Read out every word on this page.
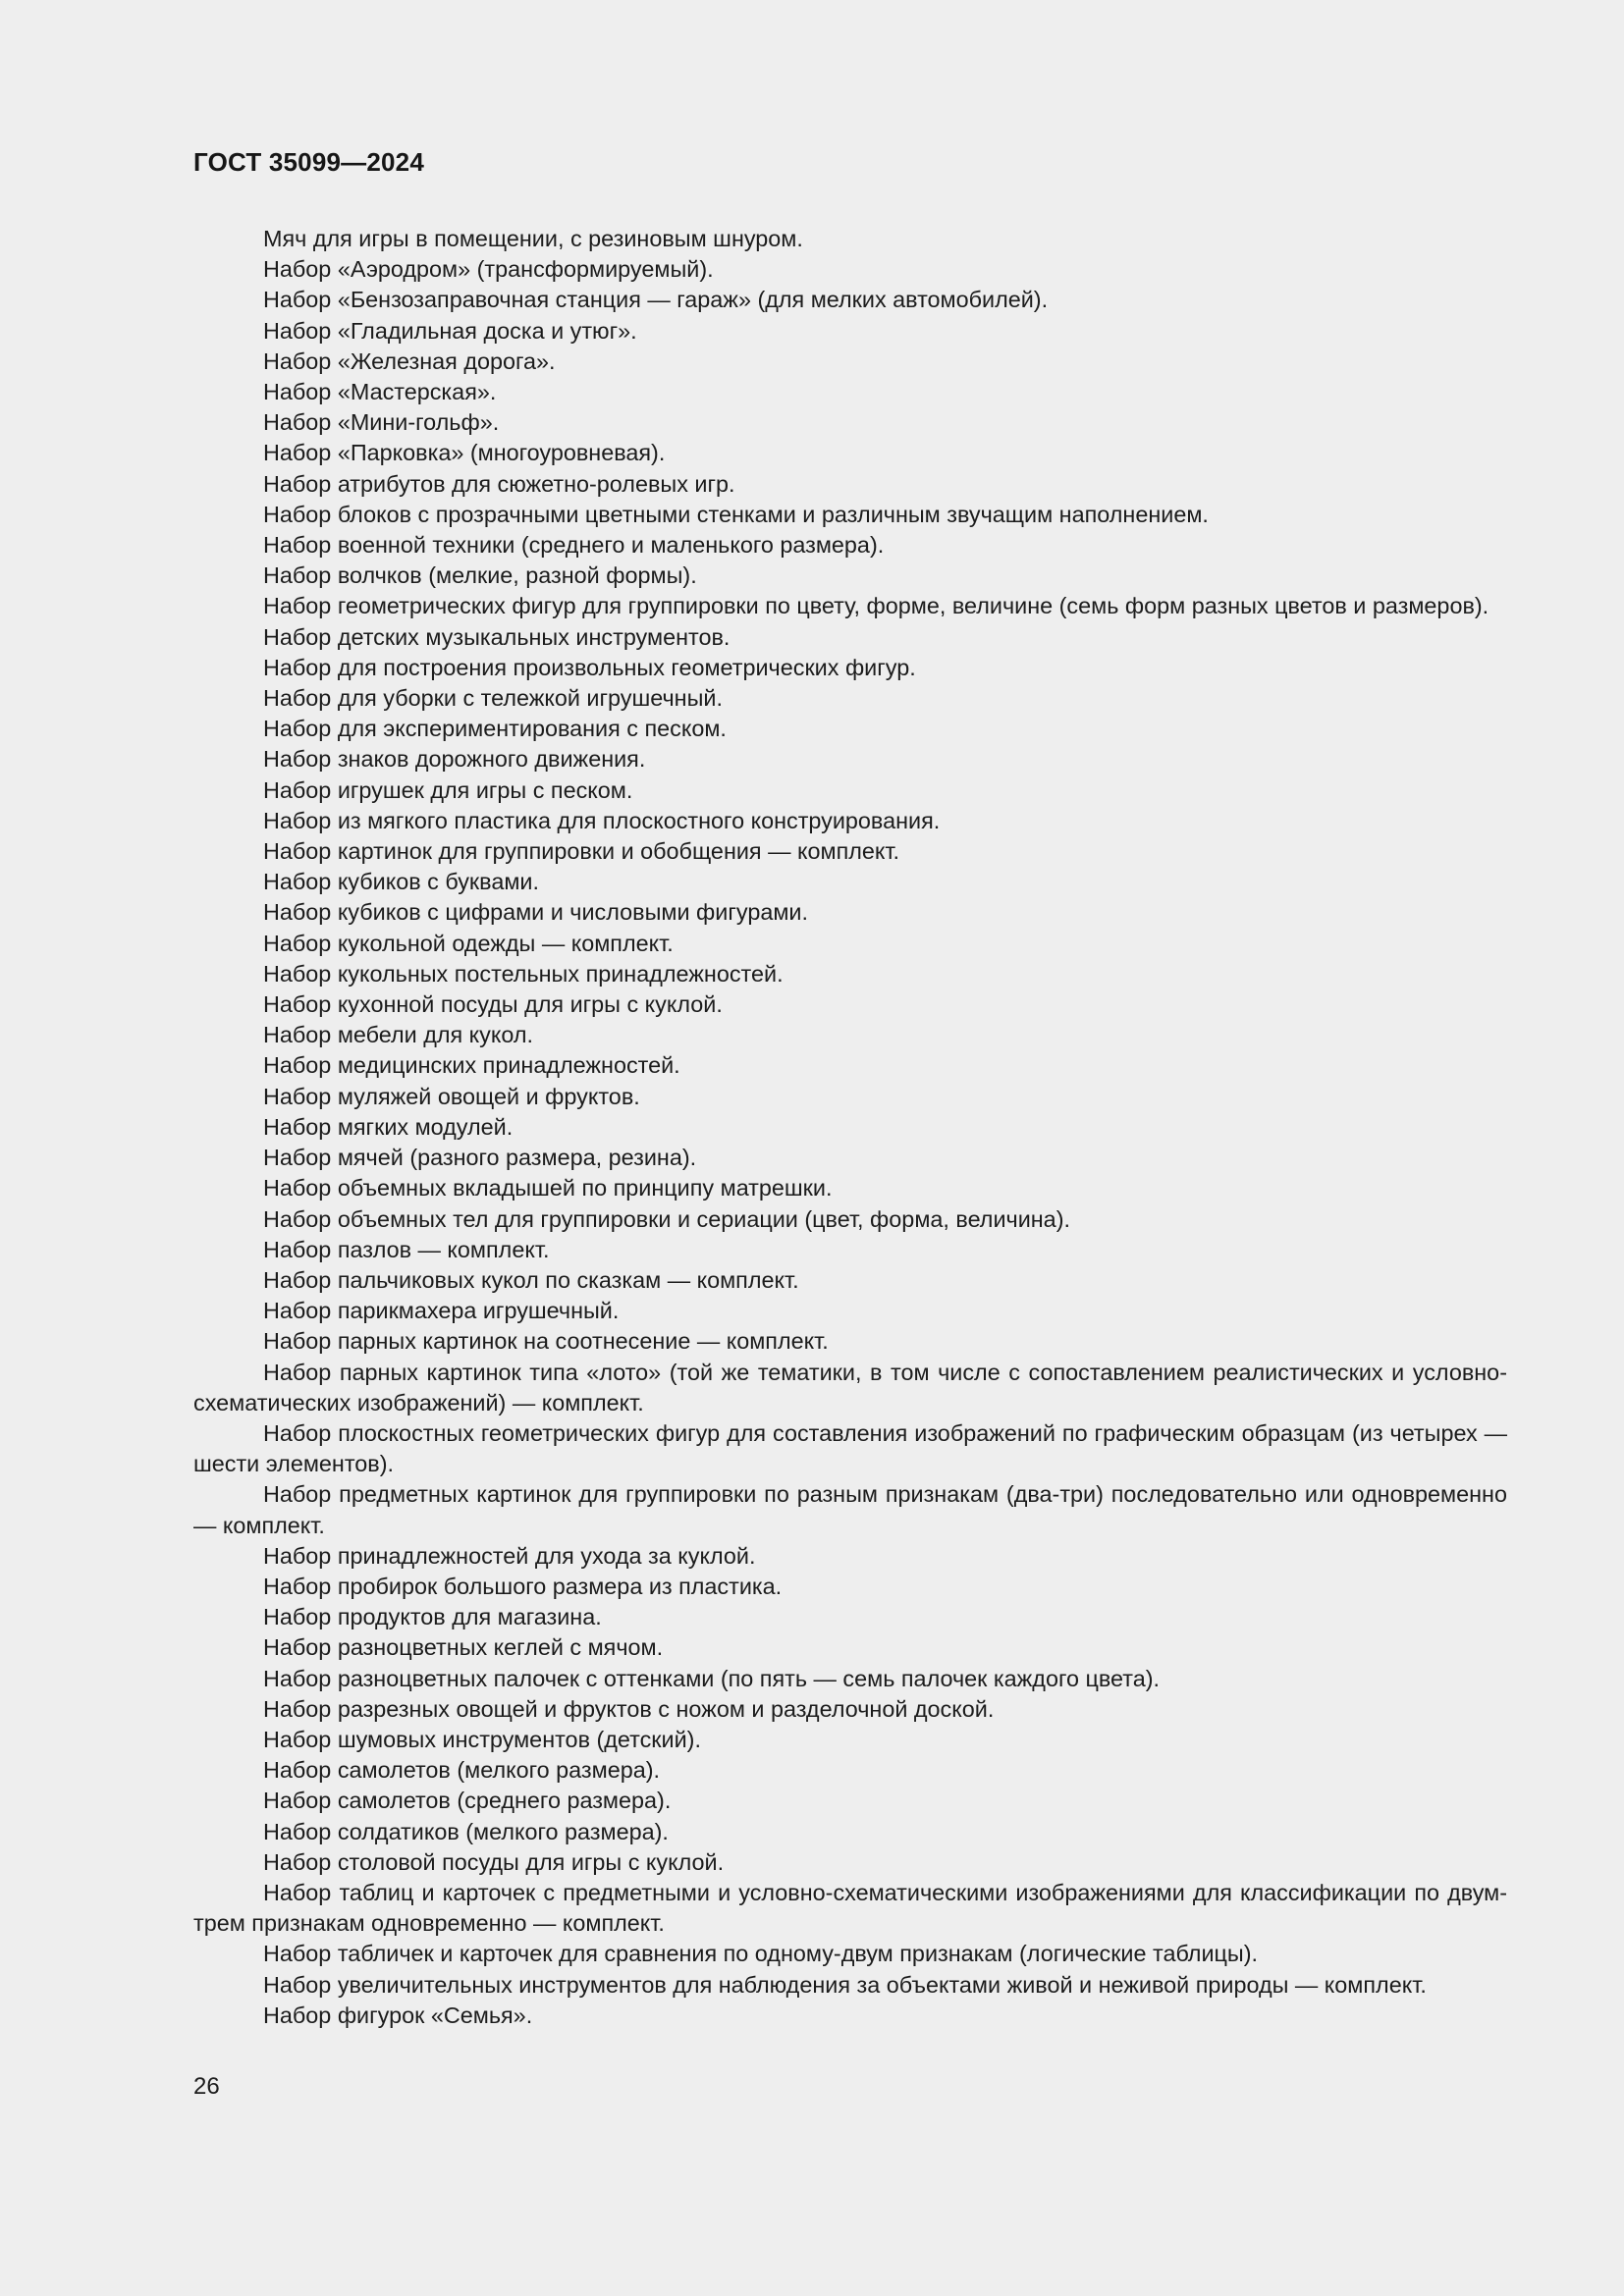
ГОСТ 35099—2024

Мяч для игры в помещении, с резиновым шнуром.

Набор «Аэродром» (трансформируемый).

Набор «Бензозаправочная станция — гараж» (для мелких автомобилей).

Набор «Гладильная доска и утюг».

Набор «Железная дорога».

Набор «Мастерская».

Набор «Мини-гольф».

Набор «Парковка» (многоуровневая).

Набор атрибутов для сюжетно-ролевых игр.

Набор блоков с прозрачными цветными стенками и различным звучащим наполнением.

Набор военной техники (среднего и маленького размера).

Набор волчков (мелкие, разной формы).

Набор геометрических фигур для группировки по цвету, форме, величине (семь форм разных цветов и размеров).

Набор детских музыкальных инструментов.

Набор для построения произвольных геометрических фигур.

Набор для уборки с тележкой игрушечный.

Набор для экспериментирования с песком.

Набор знаков дорожного движения.

Набор игрушек для игры с песком.

Набор из мягкого пластика для плоскостного конструирования.

Набор картинок для группировки и обобщения — комплект.

Набор кубиков с буквами.

Набор кубиков с цифрами и числовыми фигурами.

Набор кукольной одежды — комплект.

Набор кукольных постельных принадлежностей.

Набор кухонной посуды для игры с куклой.

Набор мебели для кукол.

Набор медицинских принадлежностей.

Набор муляжей овощей и фруктов.

Набор мягких модулей.

Набор мячей (разного размера, резина).

Набор объемных вкладышей по принципу матрешки.

Набор объемных тел для группировки и сериации (цвет, форма, величина).

Набор пазлов — комплект.

Набор пальчиковых кукол по сказкам — комплект.

Набор парикмахера игрушечный.

Набор парных картинок на соотнесение — комплект.

Набор парных картинок типа «лото» (той же тематики, в том числе с сопоставлением реалистических и условно-схематических изображений) — комплект.

Набор плоскостных геометрических фигур для составления изображений по графическим образцам (из четырех — шести элементов).

Набор предметных картинок для группировки по разным признакам (два-три) последовательно или одновременно — комплект.

Набор принадлежностей для ухода за куклой.

Набор пробирок большого размера из пластика.

Набор продуктов для магазина.

Набор разноцветных кеглей с мячом.

Набор разноцветных палочек с оттенками (по пять — семь палочек каждого цвета).

Набор разрезных овощей и фруктов с ножом и разделочной доской.

Набор шумовых инструментов (детский).

Набор самолетов (мелкого размера).

Набор самолетов (среднего размера).

Набор солдатиков (мелкого размера).

Набор столовой посуды для игры с куклой.

Набор таблиц и карточек с предметными и условно-схематическими изображениями для классификации по двум-трем признакам одновременно — комплект.

Набор табличек и карточек для сравнения по одному-двум признакам (логические таблицы).

Набор увеличительных инструментов для наблюдения за объектами живой и неживой природы — комплект.

Набор фигурок «Семья».

26
